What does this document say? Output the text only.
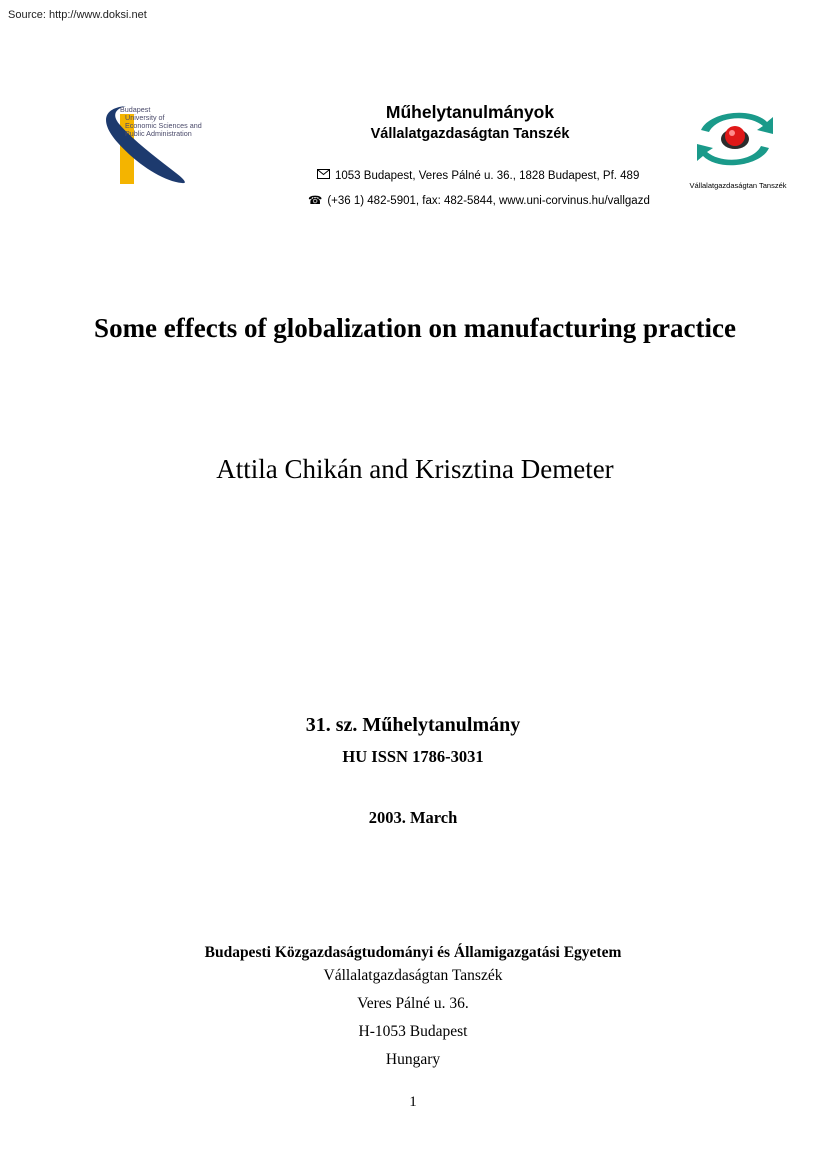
Source: http://www.doksi.net
Budapest
University of
Economic Sciences and
Public Administration
Műhelytanulmányok
Vállalatgazdaságtan Tanszék
1053 Budapest, Veres Pálné u. 36., 1828 Budapest, Pf. 489
☎ (+36 1) 482-5901, fax: 482-5844, www.uni-corvinus.hu/vallgazd
Vállalatgazdaságtan Tanszék
Some effects of globalization on manufacturing practice
Attila Chikán and Krisztina Demeter
31. sz. Műhelytanulmány
HU ISSN 1786-3031
2003. March
Budapesti Közgazdaságtudományi és Államigazgatási Egyetem
Vállalatgazdaságtan Tanszék
Veres Pálné u. 36.
H-1053 Budapest
Hungary
1
